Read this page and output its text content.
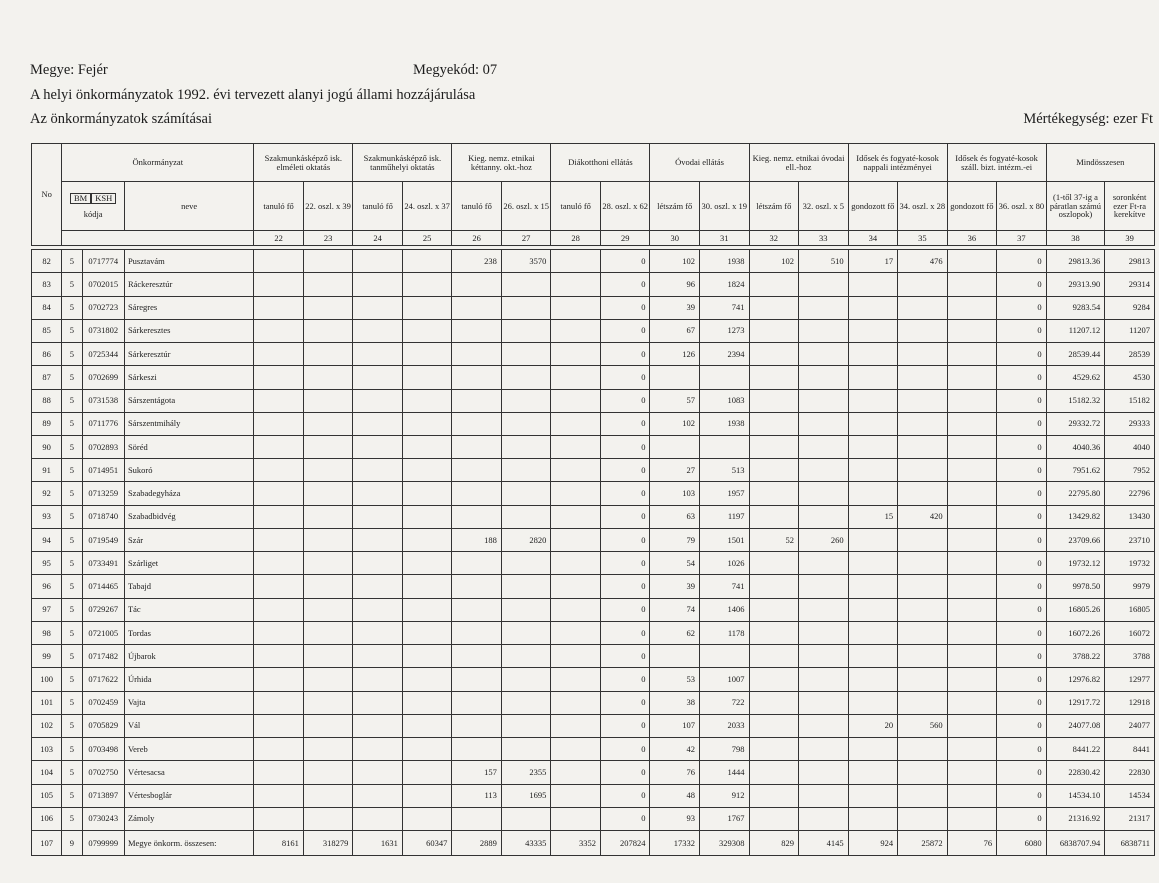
Megye: Fejér	Megyekód: 07
A helyi önkormányzatok 1992. évi tervezett alanyi jogú állami hozzájárulása
Az önkormányzatok számításai	Mértékegység: ezer Ft
No	Önkormányzat			Szakmunkásképző isk. elméleti oktatás		Szakmunkásképző isk. tanműhelyi oktatás		Kieg. nemz. etnikai kéttanny. okt.-hoz		Diákotthoni ellátás		Óvodai ellátás		Kieg. nemz. etnikai óvodai ell.-hoz		Idősek és fogyaté-kosok nappali intézményei		Idősek és fogyaté-kosok száll. bizt. intézm.-ei		Mindösszesen	

	BM KSH
kódja		neve	tanuló fő	22. oszl. x 39	tanuló fő	24. oszl. x 37	tanuló fő	26. oszl. x 15	tanuló fő	28. oszl. x 62	létszám fő	30. oszl. x 19	létszám fő	32. oszl. x 5	gondozott fő	34. oszl. x 28	gondozott fő	36. oszl. x 80	(1-től 37-ig a páratlan számú oszlopok)	soronként ezer Ft-ra kerekítve
				22	23	24	25	26	27	28	29	30	31	32	33	34	35	36	37	38	39

82	5	0717774	Pusztavám					238	3570		0	102	1938	102	510	17	476		0	29813.36	29813
83	5	0702015	Ráckeresztúr								0	96	1824						0	29313.90	29314
84	5	0702723	Sáregres								0	39	741						0	9283.54	9284
85	5	0731802	Sárkeresztes								0	67	1273						0	11207.12	11207
86	5	0725344	Sárkeresztúr								0	126	2394						0	28539.44	28539
87	5	0702699	Sárkeszi								0								0	4529.62	4530
88	5	0731538	Sárszentágota								0	57	1083						0	15182.32	15182
89	5	0711776	Sárszentmihály								0	102	1938						0	29332.72	29333
90	5	0702893	Söréd								0								0	4040.36	4040
91	5	0714951	Sukoró								0	27	513						0	7951.62	7952
92	5	0713259	Szabadegyháza								0	103	1957						0	22795.80	22796
93	5	0718740	Szabadbidvég								0	63	1197			15	420		0	13429.82	13430
94	5	0719549	Szár					188	2820		0	79	1501	52	260				0	23709.66	23710
95	5	0733491	Szárliget								0	54	1026						0	19732.12	19732
96	5	0714465	Tabajd								0	39	741						0	9978.50	9979
97	5	0729267	Tác								0	74	1406						0	16805.26	16805
98	5	0721005	Tordas								0	62	1178						0	16072.26	16072
99	5	0717482	Újbarok								0								0	3788.22	3788
100	5	0717622	Úrhida								0	53	1007						0	12976.82	12977
101	5	0702459	Vajta								0	38	722						0	12917.72	12918
102	5	0705829	Vál								0	107	2033			20	560		0	24077.08	24077
103	5	0703498	Vereb								0	42	798						0	8441.22	8441
104	5	0702750	Vértesacsa					157	2355		0	76	1444						0	22830.42	22830
105	5	0713897	Vértesboglár					113	1695		0	48	912						0	14534.10	14534
106	5	0730243	Zámoly								0	93	1767						0	21316.92	21317
107	9	0799999	Megye önkorm. összesen:	8161	318279	1631	60347	2889	43335	3352	207824	17332	329308	829	4145	924	25872	76	6080	6838707.94	6838711
